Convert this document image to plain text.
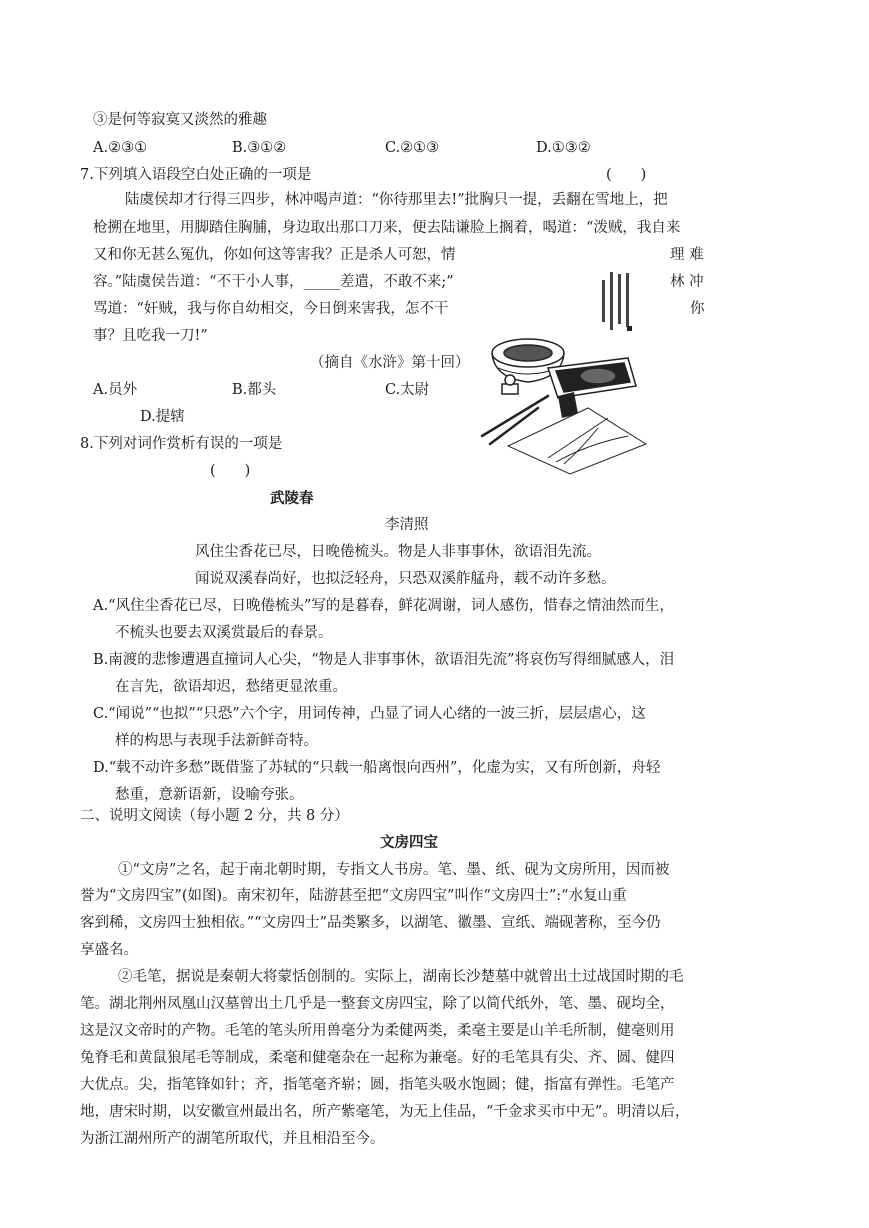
③是何等寂寞又淡然的雅趣
A.②③①	B.③①②	C.②①③	D.①③②
7.下列填入语段空白处正确的一项是	(　　)
陆虞侯却才行得三四步，林冲喝声道：“你待那里去!”批胸只一提，丢翻在雪地上，把
枪搠在地里，用脚踏住胸脯，身边取出那口刀来，便去陆谦脸上搁着，喝道：“泼贼，我自来
又和你无甚么冤仇，你如何这等害我？正是杀人可恕，情	理 难
容。”陆虞侯告道：“不干小人事，_____差遣，不敢不来;”	林 冲
骂道：“奸贼，我与你自幼相交，今日倒来害我，怎不干	你
事？且吃我一刀!”
（摘自《水浒》第十回）
A.员外	B.都头	C.太尉
D.提辖
8.下列对词作赏析有误的一项是
(　　)
武陵春
李清照
风住尘香花已尽，日晚倦梳头。物是人非事事休，欲语泪先流。
闻说双溪春尚好，也拟泛轻舟，只恐双溪舴艋舟，载不动许多愁。
A.“风住尘香花已尽，日晚倦梳头”写的是暮春，鲜花凋谢，词人感伤，惜春之情油然而生，
不梳头也要去双溪赏最后的春景。
B.南渡的悲惨遭遇直撞词人心尖，“物是人非事事休，欲语泪先流”将哀伤写得细腻感人，泪
在言先，欲语却迟，愁绪更显浓重。
C.“闻说”“也拟”“只恐”六个字，用词传神，凸显了词人心绪的一波三折，层层虐心，这
样的构思与表现手法新鲜奇特。
D.“载不动许多愁”既借鉴了苏轼的“只载一船离恨向西州”，化虚为实，又有所创新，舟轻
愁重，意新语新，设喻夸张。
二、说明文阅读（每小题 2 分，共 8 分）
文房四宝
①“文房”之名，起于南北朝时期，专指文人书房。笔、墨、纸、砚为文房所用，因而被
誉为“文房四宝”(如图)。南宋初年，陆游甚至把“文房四宝”叫作“文房四士”:“水复山重
客到稀，文房四士独相依。”“文房四士”品类繁多，以湖笔、徽墨、宣纸、端砚著称，至今仍
享盛名。
②毛笔，据说是秦朝大将蒙恬创制的。实际上，湖南长沙楚墓中就曾出土过战国时期的毛
笔。湖北荆州凤凰山汉墓曾出土几乎是一整套文房四宝，除了以简代纸外，笔、墨、砚均全，
这是汉文帝时的产物。毛笔的笔头所用兽毫分为柔健两类，柔毫主要是山羊毛所制，健毫则用
兔脊毛和黄鼠狼尾毛等制成，柔毫和健毫杂在一起称为兼毫。好的毛笔具有尖、齐、圆、健四
大优点。尖，指笔锋如针；齐，指笔毫齐崭；圆，指笔头吸水饱圆；健，指富有弹性。毛笔产
地，唐宋时期，以安徽宣州最出名，所产紫毫笔，为无上佳品，“千金求买市中无”。明清以后，
为浙江湖州所产的湖笔所取代，并且相沿至今。
